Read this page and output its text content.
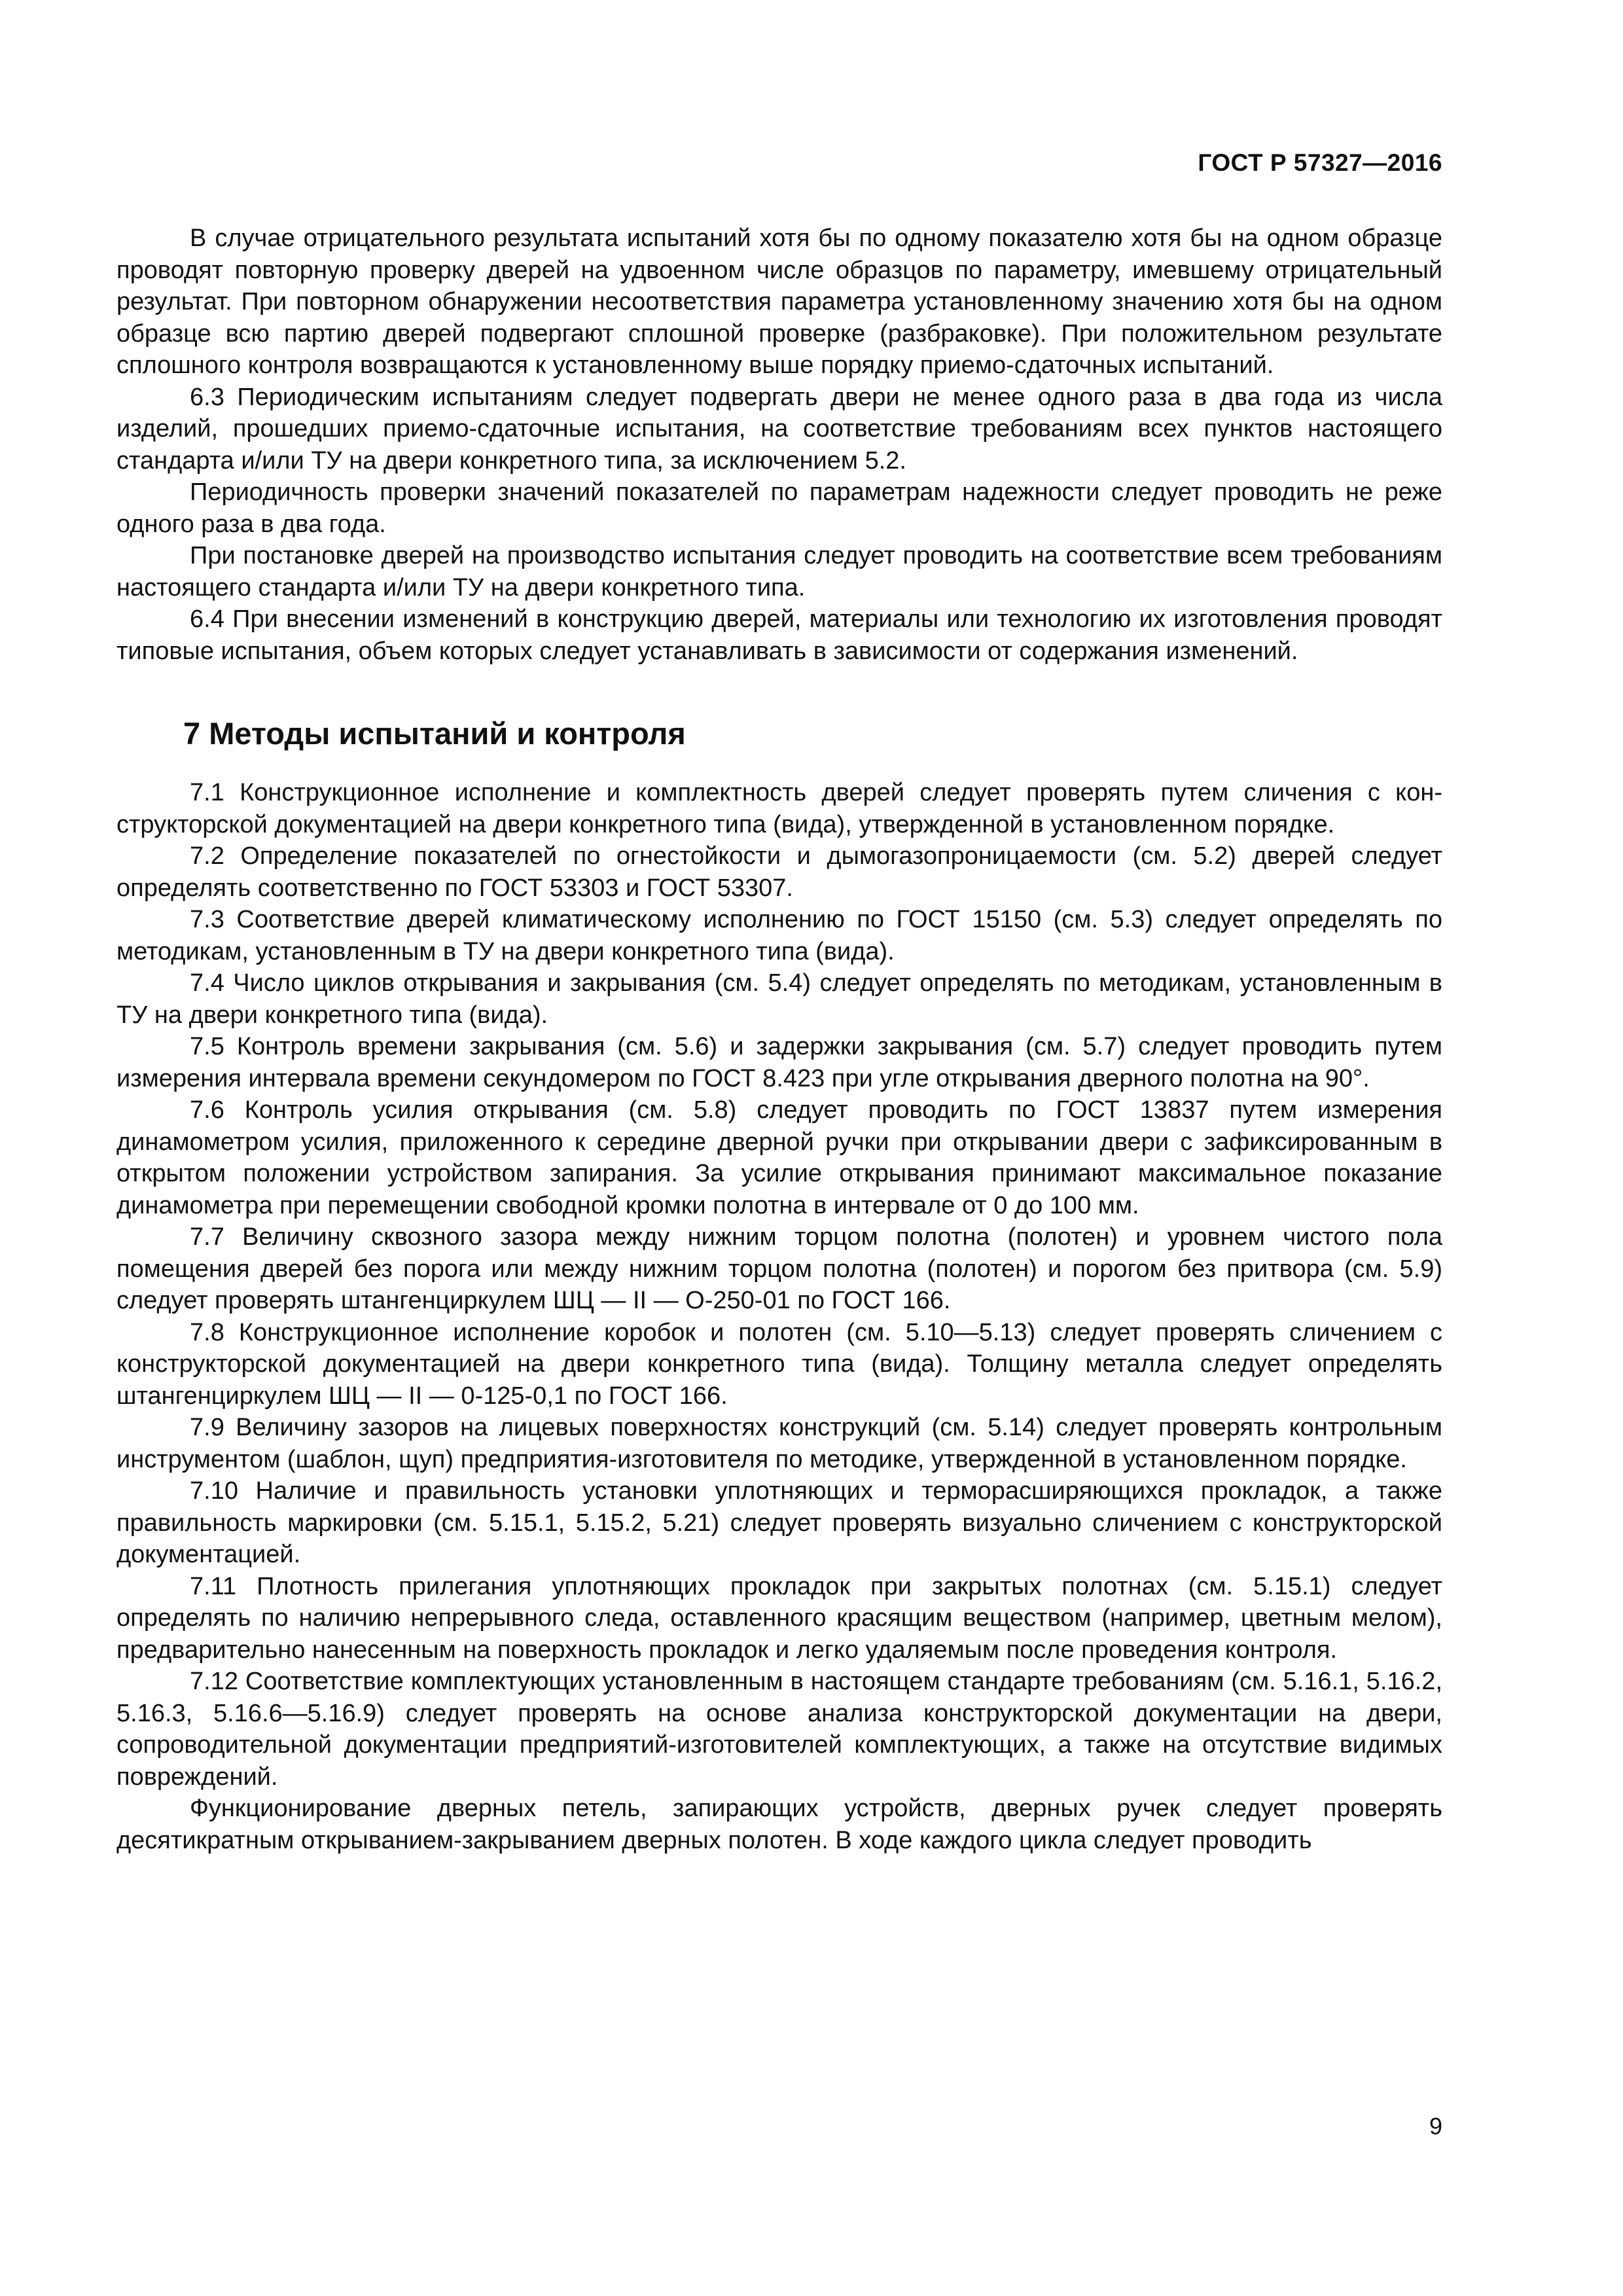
ГОСТ Р 57327—2016

В случае отрицательного результата испытаний хотя бы по одному показателю хотя бы на одном образце проводят повторную проверку дверей на удвоенном числе образцов по параметру, имевшему отрицательный результат. При повторном обнаружении несоответствия параметра установленному значению хотя бы на одном образце всю партию дверей подвергают сплошной проверке (разбраковке). При положительном результате сплошного контроля возвращаются к установленному выше порядку приемо-сдаточных испытаний.

6.3 Периодическим испытаниям следует подвергать двери не менее одного раза в два года из числа изделий, прошедших приемо-сдаточные испытания, на соответствие требованиям всех пунктов настоящего стандарта и/или ТУ на двери конкретного типа, за исключением 5.2.

Периодичность проверки значений показателей по параметрам надежности следует проводить не реже одного раза в два года.

При постановке дверей на производство испытания следует проводить на соответствие всем требованиям настоящего стандарта и/или ТУ на двери конкретного типа.

6.4 При внесении изменений в конструкцию дверей, материалы или технологию их изготовления проводят типовые испытания, объем которых следует устанавливать в зависимости от содержания изменений.

7 Методы испытаний и контроля

7.1 Конструкционное исполнение и комплектность дверей следует проверять путем сличения с конструкторской документацией на двери конкретного типа (вида), утвержденной в установленном порядке.

7.2 Определение показателей по огнестойкости и дымогазопроницаемости (см. 5.2) дверей следует определять соответственно по ГОСТ 53303 и ГОСТ 53307.

7.3 Соответствие дверей климатическому исполнению по ГОСТ 15150 (см. 5.3) следует определять по методикам, установленным в ТУ на двери конкретного типа (вида).

7.4 Число циклов открывания и закрывания (см. 5.4) следует определять по методикам, установленным в ТУ на двери конкретного типа (вида).

7.5 Контроль времени закрывания (см. 5.6) и задержки закрывания (см. 5.7) следует проводить путем измерения интервала времени секундомером по ГОСТ 8.423 при угле открывания дверного полотна на 90°.

7.6 Контроль усилия открывания (см. 5.8) следует проводить по ГОСТ 13837 путем измерения динамометром усилия, приложенного к середине дверной ручки при открывании двери с зафиксированным в открытом положении устройством запирания. За усилие открывания принимают максимальное показание динамометра при перемещении свободной кромки полотна в интервале от 0 до 100 мм.

7.7 Величину сквозного зазора между нижним торцом полотна (полотен) и уровнем чистого пола помещения дверей без порога или между нижним торцом полотна (полотен) и порогом без притвора (см. 5.9) следует проверять штангенциркулем ШЦ — II — О-250-01 по ГОСТ 166.

7.8 Конструкционное исполнение коробок и полотен (см. 5.10—5.13) следует проверять сличением с конструкторской документацией на двери конкретного типа (вида). Толщину металла следует определять штангенциркулем ШЦ — II — 0-125-0,1 по ГОСТ 166.

7.9 Величину зазоров на лицевых поверхностях конструкций (см. 5.14) следует проверять контрольным инструментом (шаблон, щуп) предприятия-изготовителя по методике, утвержденной в установленном порядке.

7.10 Наличие и правильность установки уплотняющих и терморасширяющихся прокладок, а также правильность маркировки (см. 5.15.1, 5.15.2, 5.21) следует проверять визуально сличением с конструкторской документацией.

7.11 Плотность прилегания уплотняющих прокладок при закрытых полотнах (см. 5.15.1) следует определять по наличию непрерывного следа, оставленного красящим веществом (например, цветным мелом), предварительно нанесенным на поверхность прокладок и легко удаляемым после проведения контроля.

7.12 Соответствие комплектующих установленным в настоящем стандарте требованиям (см. 5.16.1, 5.16.2, 5.16.3, 5.16.6—5.16.9) следует проверять на основе анализа конструкторской документации на двери, сопроводительной документации предприятий-изготовителей комплектующих, а также на отсутствие видимых повреждений.

Функционирование дверных петель, запирающих устройств, дверных ручек следует проверять десятикратным открыванием-закрыванием дверных полотен. В ходе каждого цикла следует проводить

9
